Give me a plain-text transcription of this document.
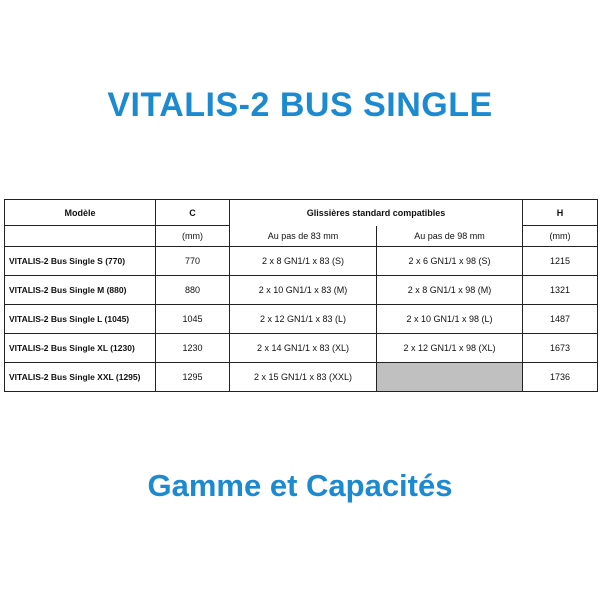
VITALIS-2 BUS SINGLE
Modèle	C	Glissières standard compatibles		H
	(mm)	Au pas de 83 mm	Au pas de 98 mm	(mm)
VITALIS-2 Bus Single S (770)	770	2 x 8 GN1/1 x 83 (S)	2 x 6 GN1/1 x 98 (S)	1215
VITALIS-2 Bus Single M (880)	880	2 x 10 GN1/1 x 83 (M)	2 x 8 GN1/1 x 98 (M)	1321
VITALIS-2 Bus Single L (1045)	1045	2 x 12 GN1/1 x 83 (L)	2 x 10 GN1/1 x 98 (L)	1487
VITALIS-2 Bus Single XL (1230)	1230	2 x 14 GN1/1 x 83 (XL)	2 x 12 GN1/1 x 98 (XL)	1673
VITALIS-2 Bus Single XXL (1295)	1295	2 x 15 GN1/1 x 83 (XXL)		1736
Gamme et Capacités
